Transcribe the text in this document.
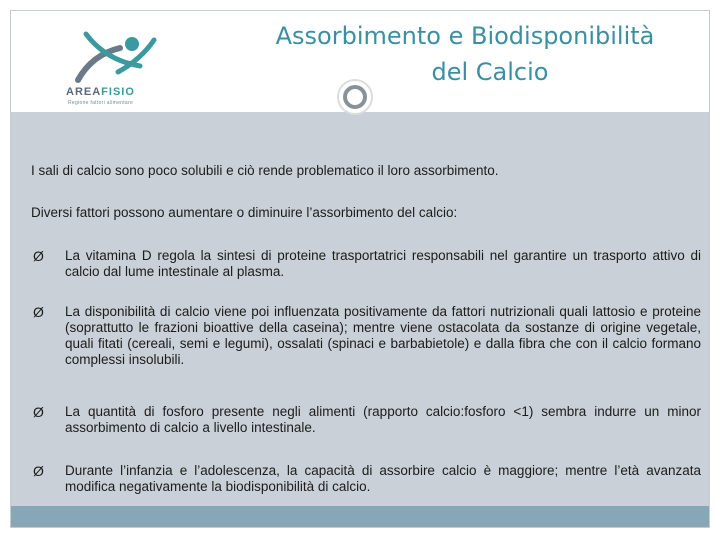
AREAFISIO
Regione fattori alimentare
Assorbimento e Biodisponibilità
del Calcio
I sali di calcio sono poco solubili e ciò rende problematico il loro assorbimento.
Diversi fattori possono aumentare o diminuire l’assorbimento del calcio:
Ø La vitamina D regola la sintesi di proteine trasportatrici responsabili nel garantire un trasporto attivo di calcio dal lume intestinale al plasma.
Ø La disponibilità di calcio viene poi influenzata positivamente da fattori nutrizionali quali lattosio e proteine (soprattutto le frazioni bioattive della caseina); mentre viene ostacolata da sostanze di origine vegetale, quali fitati (cereali, semi e legumi), ossalati (spinaci e barbabietole) e dalla fibra che con il calcio formano complessi insolubili.
Ø La quantità di fosforo presente negli alimenti (rapporto calcio:fosforo <1) sembra indurre un minor assorbimento di calcio a livello intestinale.
Ø Durante l’infanzia e l’adolescenza, la capacità di assorbire calcio è maggiore; mentre l’età avanzata modifica negativamente la biodisponibilità di calcio.
